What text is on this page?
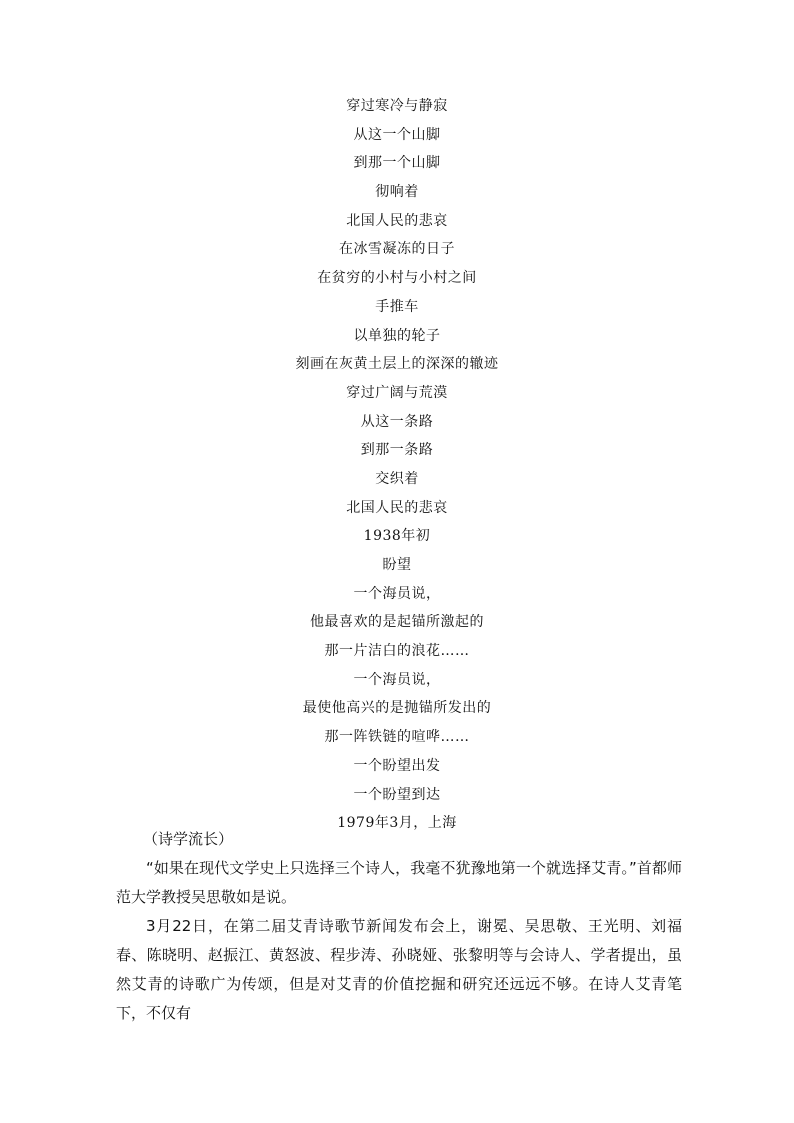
穿过寒冷与静寂
从这一个山脚
到那一个山脚
彻响着
北国人民的悲哀
在冰雪凝冻的日子
在贫穷的小村与小村之间
手推车
以单独的轮子
刻画在灰黄土层上的深深的辙迹
穿过广阔与荒漠
从这一条路
到那一条路
交织着
北国人民的悲哀
1938年初
盼望
一个海员说，
他最喜欢的是起锚所激起的
那一片洁白的浪花……
一个海员说，
最使他高兴的是抛锚所发出的
那一阵铁链的喧哗……
一个盼望出发
一个盼望到达
1979年3月，上海

（诗学流长）

“如果在现代文学史上只选择三个诗人，我毫不犹豫地第一个就选择艾青。”首都师范大学教授吴思敬如是说。

3月22日，在第二届艾青诗歌节新闻发布会上，谢冕、吴思敬、王光明、刘福春、陈晓明、赵振江、黄怒波、程步涛、孙晓娅、张黎明等与会诗人、学者提出，虽然艾青的诗歌广为传颂，但是对艾青的价值挖掘和研究还远远不够。在诗人艾青笔下，不仅有
